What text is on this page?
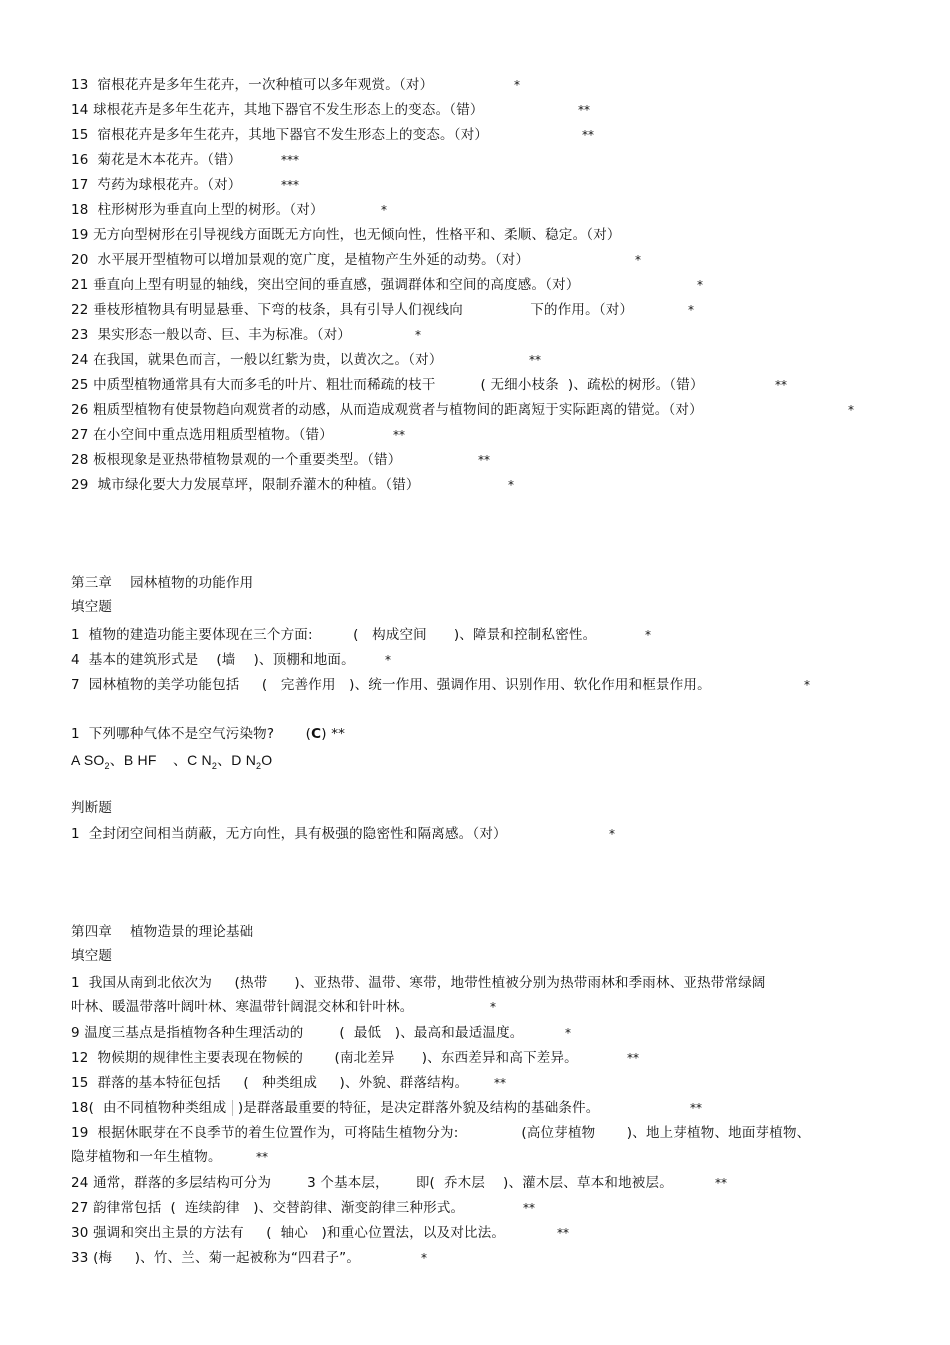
13  宿根花卉是多年生花卉，一次种植可以多年观赏。（对）	*
14 球根花卉是多年生花卉，其地下器官不发生形态上的变态。（错）	**
15  宿根花卉是多年生花卉，其地下器官不发生形态上的变态。（对）	**
16  菊花是木本花卉。（错）	***
17  芍药为球根花卉。（对）	***
18  柱形树形为垂直向上型的树形。（对）	*
19 无方向型树形在引导视线方面既无方向性，也无倾向性，性格平和、柔顺、稳定。（对）
20  水平展开型植物可以增加景观的宽广度，是植物产生外延的动势。（对）	*
21 垂直向上型有明显的轴线，突出空间的垂直感，强调群体和空间的高度感。（对）	*
22 垂枝形植物具有明显悬垂、下弯的枝条，具有引导人们视线向               下的作用。（对）	*
23  果实形态一般以奇、巨、丰为标准。（对）	*
24 在我国，就果色而言，一般以红紫为贵，以黄次之。（对）	**
25 中质型植物通常具有大而多毛的叶片、粗壮而稀疏的枝干          ( 无细小枝条  )、疏松的树形。（错）	**
26 粗质型植物有使景物趋向观赏者的动感，从而造成观赏者与植物间的距离短于实际距离的错觉。（对）	*
27 在小空间中重点选用粗质型植物。（错）	**
28 板根现象是亚热带植物景观的一个重要类型。（错）	**
29  城市绿化要大力发展草坪，限制乔灌木的种植。（错）	*
第三章    园林植物的功能作用
填空题
1  植物的建造功能主要体现在三个方面:         (   构成空间      )、障景和控制私密性。	*
4  基本的建筑形式是    (墙    )、顶棚和地面。	*
7  园林植物的美学功能包括     (   完善作用   )、统一作用、强调作用、识别作用、软化作用和框景作用。	*
1  下列哪种气体不是空气污染物?       (C) **
A $SO_2$、B HF    、C $N_2$、D $N_2O$
判断题
1  全封闭空间相当荫蔽，无方向性，具有极强的隐密性和隔离感。（对）	*
第四章    植物造景的理论基础
填空题
1  我国从南到北依次为     (热带      )、亚热带、温带、寒带，地带性植被分别为热带雨林和季雨林、亚热带常绿阔
叶林、暖温带落叶阔叶林、寒温带针阔混交林和针叶林。	*
9 温度三基点是指植物各种生理活动的        (  最低   )、最高和最适温度。	*
12  物候期的规律性主要表现在物候的       (南北差异      )、东西差异和高下差异。	**
15  群落的基本特征包括     (   种类组成     )、外貌、群落结构。 **
18(  由不同植物种类组成 )是群落最重要的特征，是决定群落外貌及结构的基础条件。	**
19  根据休眠芽在不良季节的着生位置作为，可将陆生植物分为:              (高位芽植物       )、地上芽植物、地面芽植物、
隐芽植物和一年生植物。	**
24 通常，群落的多层结构可分为        3 个基本层，      即(  乔木层    )、灌木层、草本和地被层。	**
27 韵律常包括  (  连续韵律   )、交替韵律、渐变韵律三种形式。	**
30 强调和突出主景的方法有     (  轴心   )和重心位置法，以及对比法。	**
33 (梅     )、竹、兰、菊一起被称为“四君子”。	*
